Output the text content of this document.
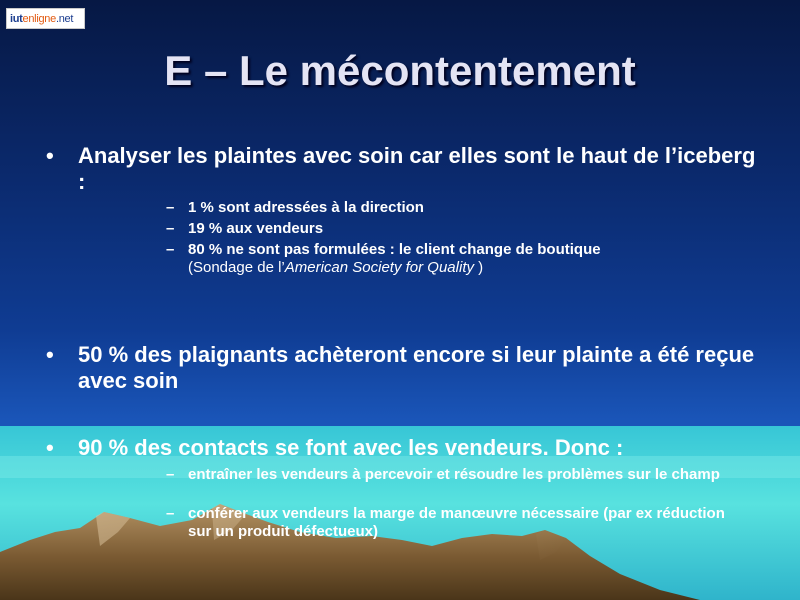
iut enligne .net
E – Le mécontentement
•	Analyser les plaintes avec soin car elles sont le haut de l’iceberg :
– 1 % sont adressées à la direction
– 19 % aux vendeurs
– 80 % ne sont pas formulées : le client change de boutique
(Sondage de l’American Society for Quality )
•	50 % des plaignants achèteront encore si leur plainte a été reçue avec soin
•	90 % des contacts se font avec les vendeurs. Donc :
– entraîner les vendeurs à percevoir et résoudre les problèmes sur le champ
– conférer aux vendeurs la marge de manœuvre nécessaire (par ex réduction sur un produit défectueux)
